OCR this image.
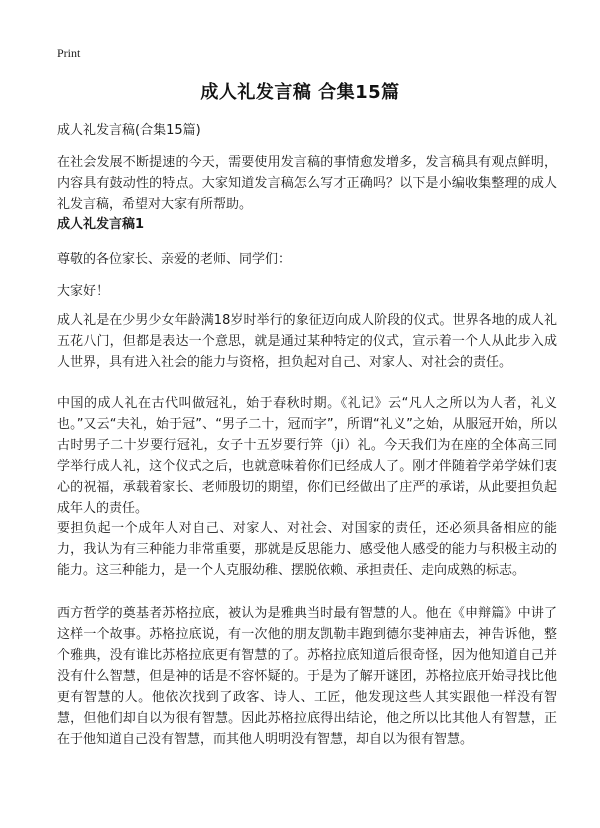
Print
成人礼发言稿 合集15篇
成人礼发言稿(合集15篇)
在社会发展不断提速的今天，需要使用发言稿的事情愈发增多，发言稿具有观点鲜明，内容具有鼓动性的特点。大家知道发言稿怎么写才正确吗？以下是小编收集整理的成人礼发言稿，希望对大家有所帮助。
成人礼发言稿1
尊敬的各位家长、亲爱的老师、同学们：
大家好！
成人礼是在少男少女年龄满18岁时举行的象征迈向成人阶段的仪式。世界各地的成人礼五花八门，但都是表达一个意思，就是通过某种特定的仪式，宣示着一个人从此步入成人世界，具有进入社会的能力与资格，担负起对自己、对家人、对社会的责任。
中国的成人礼在古代叫做冠礼，始于春秋时期。《礼记》云“凡人之所以为人者，礼义也。”又云“夫礼，始于冠”、“男子二十，冠而字”，所谓“礼义”之始，从服冠开始，所以古时男子二十岁要行冠礼，女子十五岁要行笄（ji）礼。今天我们为在座的全体高三同学举行成人礼，这个仪式之后，也就意味着你们已经成人了。刚才伴随着学弟学妹们衷心的祝福，承载着家长、老师殷切的期望，你们已经做出了庄严的承诺，从此要担负起成年人的责任。
要担负起一个成年人对自己、对家人、对社会、对国家的责任，还必须具备相应的能力，我认为有三种能力非常重要，那就是反思能力、感受他人感受的能力与积极主动的能力。这三种能力，是一个人克服幼稚、摆脱依赖、承担责任、走向成熟的标志。
西方哲学的奠基者苏格拉底，被认为是雅典当时最有智慧的人。他在《申辩篇》中讲了这样一个故事。苏格拉底说，有一次他的朋友凯勒丰跑到德尔斐神庙去，神告诉他，整个雅典，没有谁比苏格拉底更有智慧的了。苏格拉底知道后很奇怪，因为他知道自己并没有什么智慧，但是神的话是不容怀疑的。于是为了解开谜团，苏格拉底开始寻找比他更有智慧的人。他依次找到了政客、诗人、工匠，他发现这些人其实跟他一样没有智慧，但他们却自以为很有智慧。因此苏格拉底得出结论，他之所以比其他人有智慧，正在于他知道自己没有智慧，而其他人明明没有智慧，却自以为很有智慧。
